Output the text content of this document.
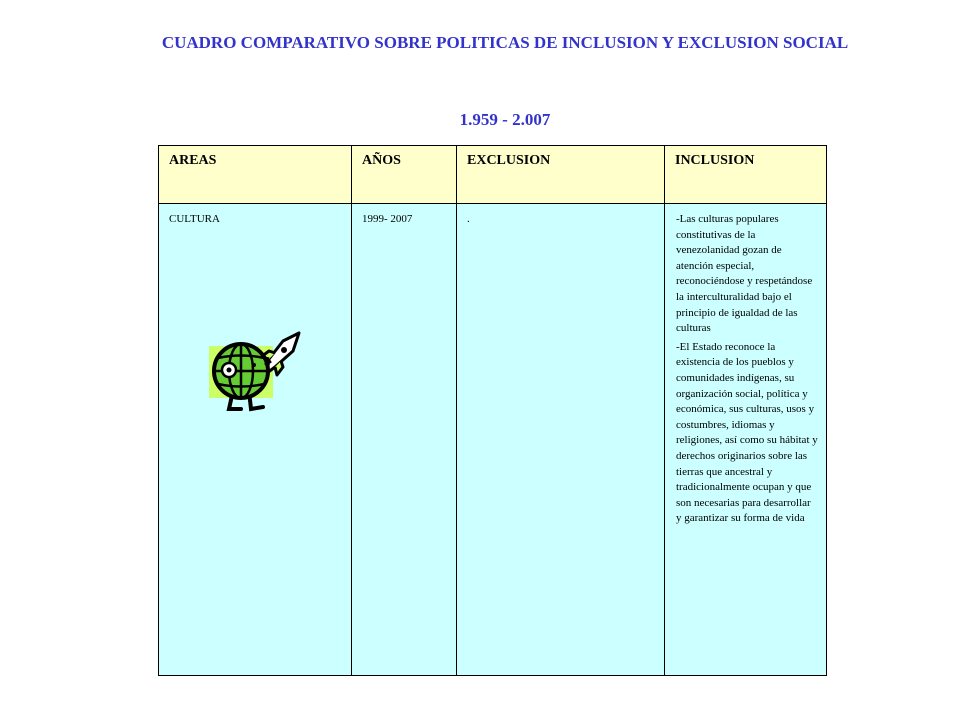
CUADRO COMPARATIVO SOBRE POLITICAS DE INCLUSION Y EXCLUSION SOCIAL
1.959 - 2.007
AREAS	AÑOS	EXCLUSION	INCLUSION
CULTURA	1999- 2007	.	-Las culturas populares constitutivas de la venezolanidad gozan de atención especial, reconociéndose y respetándose la interculturalidad bajo el principio de igualdad de las culturas

-El Estado reconoce la existencia de los pueblos y comunidades indígenas, su organización social, política y económica, sus culturas, usos y costumbres, idiomas y religiones, así como su hábitat y derechos originarios sobre las tierras que ancestral y tradicionalmente ocupan y que son necesarias para desarrollar y garantizar su forma de vida
